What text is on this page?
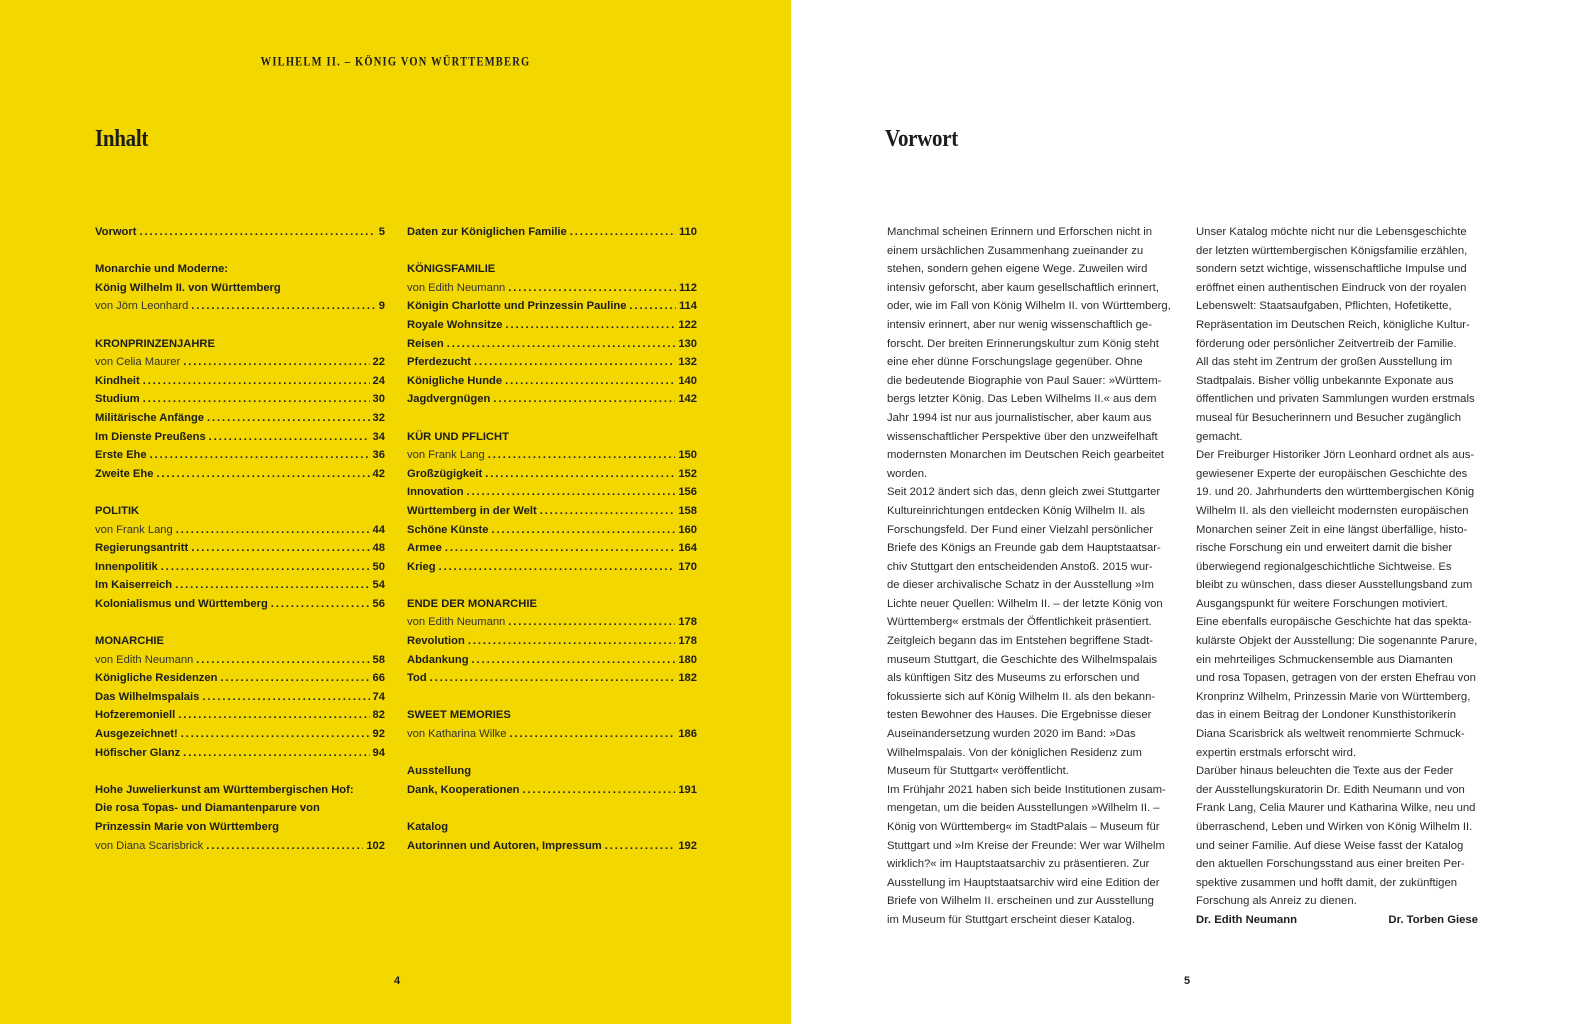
WILHELM II. – KÖNIG VON WÜRTTEMBERG
Inhalt
Vorwort . . .	5
Monarchie und Moderne:
König Wilhelm II. von Württemberg
von Jörn Leonhard . . .	9
KRONPRINZENJAHRE
von Celia Maurer . . .	22
Kindheit . . .	24
Studium . . .	30
Militärische Anfänge . . .	32
Im Dienste Preußens . . .	34
Erste Ehe . . .	36
Zweite Ehe . . .	42
POLITIK
von Frank Lang . . .	44
Regierungsantritt . . .	48
Innenpolitik . . .	50
Im Kaiserreich . . .	54
Kolonialismus und Württemberg . . .	56
MONARCHIE
von Edith Neumann . . .	58
Königliche Residenzen . . .	66
Das Wilhelmspalais . . .	74
Hofzeremoniell . . .	82
Ausgezeichnet! . . .	92
Höfischer Glanz . . .	94
Hohe Juwelierkunst am Württembergischen Hof:
Die rosa Topas- und Diamantenparure von
Prinzessin Marie von Württemberg
von Diana Scarisbrick . . .	102
Daten zur Königlichen Familie . . .	110
KÖNIGSFAMILIE
von Edith Neumann . . .	112
Königin Charlotte und Prinzessin Pauline . . .	114
Royale Wohnsitze . . .	122
Reisen . . .	130
Pferdezucht . . .	132
Königliche Hunde . . .	140
Jagdvergnügen . . .	142
KÜR UND PFLICHT
von Frank Lang . . .	150
Großzügigkeit . . .	152
Innovation . . .	156
Württemberg in der Welt . . .	158
Schöne Künste . . .	160
Armee . . .	164
Krieg . . .	170
ENDE DER MONARCHIE
von Edith Neumann . . .	178
Revolution . . .	178
Abdankung . . .	180
Tod . . .	182
SWEET MEMORIES
von Katharina Wilke . . .	186
Ausstellung
Dank, Kooperationen . . .	191
Katalog
Autorinnen und Autoren, Impressum . . .	192
4
Vorwort

Manchmal scheinen Erinnern und Erforschen nicht in

einem ursächlichen Zusammenhang zueinander zu

stehen, sondern gehen eigene Wege. Zuweilen wird

intensiv geforscht, aber kaum gesellschaftlich erinnert,

oder, wie im Fall von König Wilhelm II. von Württemberg,

intensiv erinnert, aber nur wenig wissenschaftlich ge-

forscht. Der breiten Erinnerungskultur zum König steht

eine eher dünne Forschungslage gegenüber. Ohne

die bedeutende Biographie von Paul Sauer: »Württem-

bergs letzter König. Das Leben Wilhelms II.« aus dem

Jahr 1994 ist nur aus journalistischer, aber kaum aus

wissenschaftlicher Perspektive über den unzweifelhaft

modernsten Monarchen im Deutschen Reich gearbeitet

worden.

Seit 2012 ändert sich das, denn gleich zwei Stuttgarter

Kultureinrichtungen entdecken König Wilhelm II. als

Forschungsfeld. Der Fund einer Vielzahl persönlicher

Briefe des Königs an Freunde gab dem Hauptstaatsar-

chiv Stuttgart den entscheidenden Anstoß. 2015 wur-

de dieser archivalische Schatz in der Ausstellung »Im

Lichte neuer Quellen: Wilhelm II. – der letzte König von

Württemberg« erstmals der Öffentlichkeit präsentiert.

Zeitgleich begann das im Entstehen begriffene Stadt-

museum Stuttgart, die Geschichte des Wilhelmspalais

als künftigen Sitz des Museums zu erforschen und

fokussierte sich auf König Wilhelm II. als den bekann-

testen Bewohner des Hauses. Die Ergebnisse dieser

Auseinandersetzung wurden 2020 im Band: »Das

Wilhelmspalais. Von der königlichen Residenz zum

Museum für Stuttgart« veröffentlicht.

Im Frühjahr 2021 haben sich beide Institutionen zusam-

mengetan, um die beiden Ausstellungen »Wilhelm II. –

König von Württemberg« im StadtPalais – Museum für

Stuttgart und »Im Kreise der Freunde: Wer war Wilhelm

wirklich?« im Hauptstaatsarchiv zu präsentieren. Zur

Ausstellung im Hauptstaatsarchiv wird eine Edition der

Briefe von Wilhelm II. erscheinen und zur Ausstellung

im Museum für Stuttgart erscheint dieser Katalog.

Unser Katalog möchte nicht nur die Lebensgeschichte

der letzten württembergischen Königsfamilie erzählen,

sondern setzt wichtige, wissenschaftliche Impulse und

eröffnet einen authentischen Eindruck von der royalen

Lebenswelt: Staatsaufgaben, Pflichten, Hofetikette,

Repräsentation im Deutschen Reich, königliche Kultur-

förderung oder persönlicher Zeitvertreib der Familie.

All das steht im Zentrum der großen Ausstellung im

Stadtpalais. Bisher völlig unbekannte Exponate aus

öffentlichen und privaten Sammlungen wurden erstmals

museal für Besucherinnern und Besucher zugänglich

gemacht.

Der Freiburger Historiker Jörn Leonhard ordnet als aus-

gewiesener Experte der europäischen Geschichte des

19. und 20. Jahrhunderts den württembergischen König

Wilhelm II. als den vielleicht modernsten europäischen

Monarchen seiner Zeit in eine längst überfällige, histo-

rische Forschung ein und erweitert damit die bisher

überwiegend regionalgeschichtliche Sichtweise. Es

bleibt zu wünschen, dass dieser Ausstellungsband zum

Ausgangspunkt für weitere Forschungen motiviert.

Eine ebenfalls europäische Geschichte hat das spekta-

kulärste Objekt der Ausstellung: Die sogenannte Parure,

ein mehrteiliges Schmuckensemble aus Diamanten

und rosa Topasen, getragen von der ersten Ehefrau von

Kronprinz Wilhelm, Prinzessin Marie von Württemberg,

das in einem Beitrag der Londoner Kunsthistorikerin

Diana Scarisbrick als weltweit renommierte Schmuck-

expertin erstmals erforscht wird.

Darüber hinaus beleuchten die Texte aus der Feder

der Ausstellungskuratorin Dr. Edith Neumann und von

Frank Lang, Celia Maurer und Katharina Wilke, neu und

überraschend, Leben und Wirken von König Wilhelm II.

und seiner Familie. Auf diese Weise fasst der Katalog

den aktuellen Forschungsstand aus einer breiten Per-

spektive zusammen und hofft damit, der zukünftigen

Forschung als Anreiz zu dienen.

Dr. Edith Neumann	Dr. Torben Giese
5
